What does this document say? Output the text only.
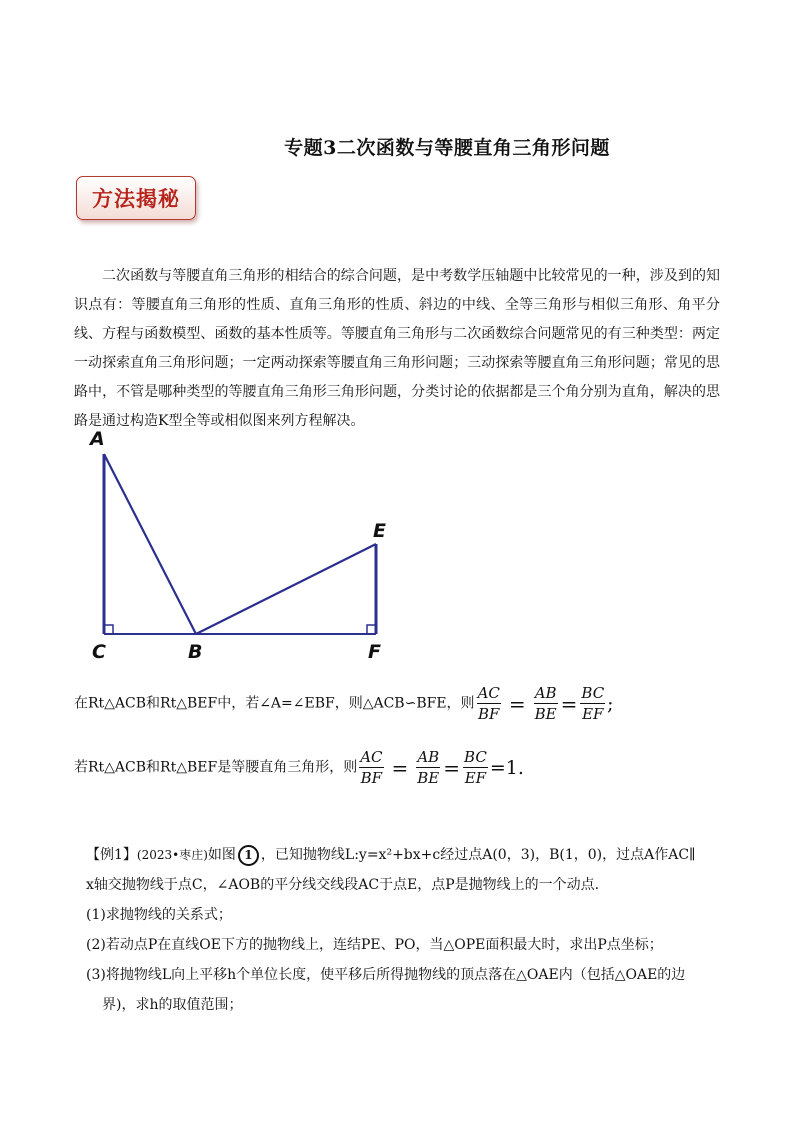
专题3二次函数与等腰直角三角形问题
方法揭秘
二次函数与等腰直角三角形的相结合的综合问题，是中考数学压轴题中比较常见的一种，涉及到的知识点有：等腰直角三角形的性质、直角三角形的性质、斜边的中线、全等三角形与相似三角形、角平分线、方程与函数模型、函数的基本性质等。等腰直角三角形与二次函数综合问题常见的有三种类型：两定一动探索直角三角形问题；一定两动探索等腰直角三角形问题；三动探索等腰直角三角形问题；常见的思路中，不管是哪种类型的等腰直角三角形三角形问题，分类讨论的依据都是三个角分别为直角，解决的思路是通过构造K型全等或相似图来列方程解决。
A
C	B
E
F
在Rt△ACB和Rt△BEF中，若∠A=∠EBF，则△ACB∽BFE，则 $\frac{AC}{BF} = \frac{AB}{BE} = \frac{BC}{EF}$ ;
若Rt△ACB和Rt△BEF是等腰直角三角形，则 $\frac{AC}{BF} = \frac{AB}{BE} = \frac{BC}{EF} =1$.

【例1】(2023•枣庄)如图 1 ，已知抛物线L:y=x²+bx+c经过点A(0，3)，B(1，0)，过点A作AC∥

x轴交抛物线于点C，∠AOB的平分线交线段AC于点E，点P是抛物线上的一个动点.

(1)求抛物线的关系式；

(2)若动点P在直线OE下方的抛物线上，连结PE、PO，当△OPE面积最大时，求出P点坐标；

(3)将抛物线L向上平移h个单位长度，使平移后所得抛物线的顶点落在△OAE内（包括△OAE的边

界)，求h的取值范围；
